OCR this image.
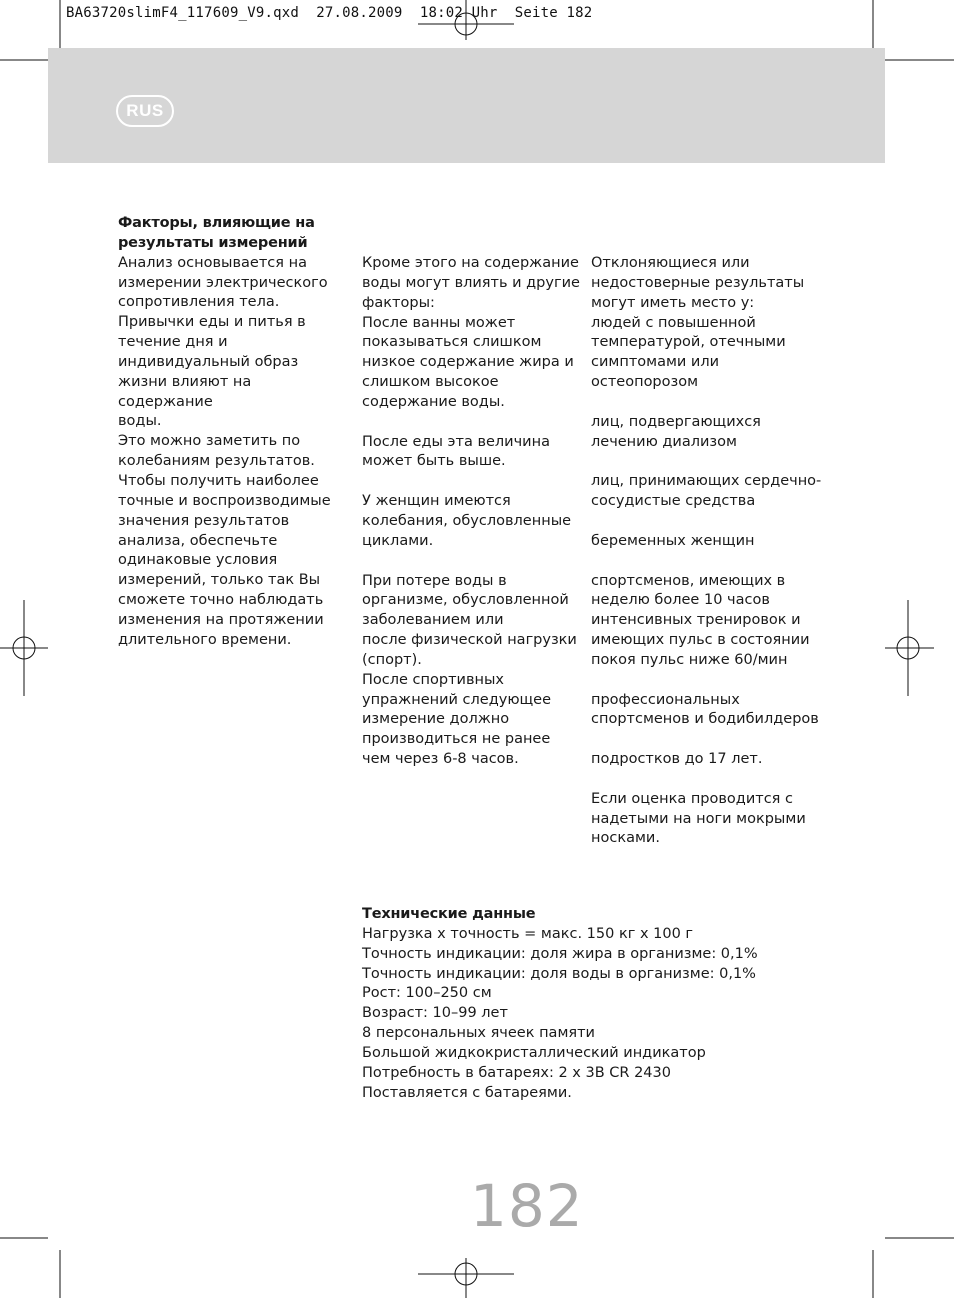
BA63720slimF4_117609_V9.qxd 27.08.2009 18:02 Uhr Seite 182
RUS

Факторы, влияющие на
результаты измерений

Анализ основывается на
измерении электрического
сопротивления тела.

Привычки еды и питья в
течение дня и
индивидуальный образ
жизни влияют на содержание
воды.

Это можно заметить по
колебаниям результатов.

Чтобы получить наиболее
точные и воспроизводимые
значения результатов
анализа, обеспечьте
одинаковые условия
измерений, только так Вы
сможете точно наблюдать
изменения на протяжении
длительного времени.

Кроме этого на содержание
воды могут влиять и другие
факторы:

После ванны может
показываться слишком
низкое содержание жира и
слишком высокое
содержание воды.

После еды эта величина
может быть выше.

У женщин имеются
колебания, обусловленные
циклами.

При потере воды в
организме, обусловленной
заболеванием или
после физической нагрузки
(спорт).

После спортивных
упражнений следующее
измерение должно
производиться не ранее
чем через 6-8 часов.

Отклоняющиеся или
недостоверные результаты
могут иметь место у:

людей с повышенной
температурой, отечными
симптомами или
остеопорозом

лиц, подвергающихся
лечению диализом

лиц, принимающих сердечно-
сосудистые средства

беременных женщин

спортсменов, имеющих в
неделю более 10 часов
интенсивных тренировок и
имеющих пульс в состоянии
покоя пульс ниже 60/мин

профессиональных
спортсменов и бодибилдеров

подростков до 17 лет.

Если оценка проводится с
надетыми на ноги мокрыми
носками.

Технические данные

Нагрузка х точность = макс. 150 кг х 100 г

Точность индикации: доля жира в организме: 0,1%

Точность индикации: доля воды в организме: 0,1%

Рост: 100–250 см

Возраст: 10–99 лет

8 персональных ячеек памяти

Большой жидкокристаллический индикатор

Потребность в батареях: 2 х 3В CR 2430

Поставляется с батареями.

182
